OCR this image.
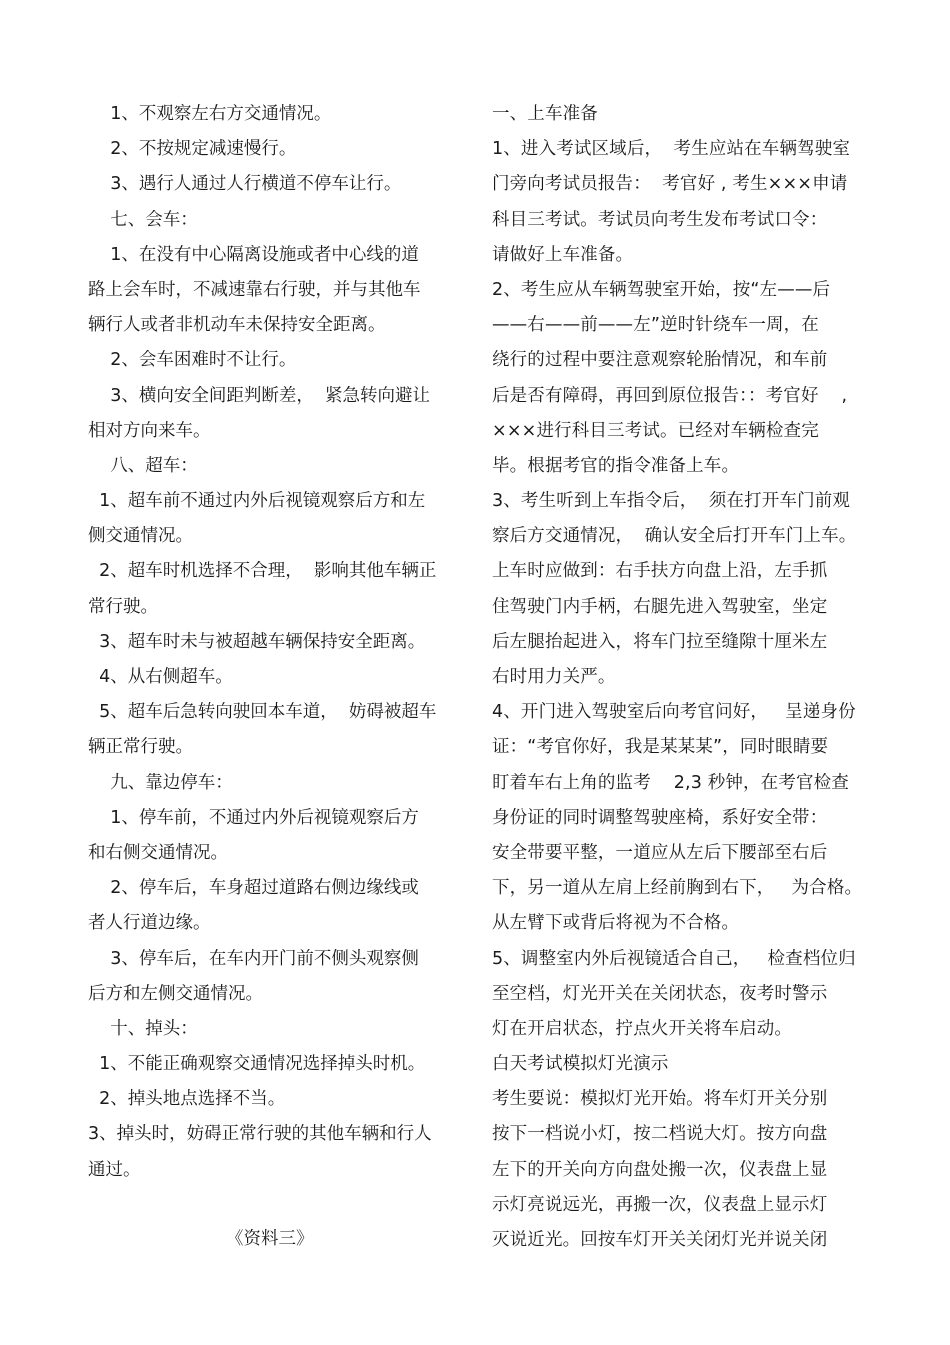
1、不观察左右方交通情况。
2、不按规定减速慢行。
3、遇行人通过人行横道不停车让行。
七、会车：
1、在没有中心隔离设施或者中心线的道
路上会车时，不减速靠右行驶，并与其他车
辆行人或者非机动车未保持安全距离。
2、会车困难时不让行。
3、横向安全间距判断差，  紧急转向避让
相对方向来车。
八、超车：
1、超车前不通过内外后视镜观察后方和左
侧交通情况。
2、超车时机选择不合理，  影响其他车辆正
常行驶。
3、超车时未与被超越车辆保持安全距离。
4、从右侧超车。
5、超车后急转向驶回本车道，  妨碍被超车
辆正常行驶。
九、靠边停车：
1、停车前，不通过内外后视镜观察后方
和右侧交通情况。
2、停车后，车身超过道路右侧边缘线或
者人行道边缘。
3、停车后，在车内开门前不侧头观察侧
后方和左侧交通情况。
十、掉头：
1、不能正确观察交通情况选择掉头时机。
2、掉头地点选择不当。
3、掉头时，妨碍正常行驶的其他车辆和行人
通过。
一、上车准备
1、进入考试区域后，  考生应站在车辆驾驶室
门旁向考试员报告：  考官好 , 考生×××申请
科目三考试。考试员向考生发布考试口令：
请做好上车准备。
2、考生应从车辆驾驶室开始，按“左——后
——右——前——左”逆时针绕车一周，在
绕行的过程中要注意观察轮胎情况，和车前
后是否有障碍，再回到原位报告：：考官好    ,
×××进行科目三考试。已经对车辆检查完
毕。根据考官的指令准备上车。
3、考生听到上车指令后，  须在打开车门前观
察后方交通情况，  确认安全后打开车门上车。
上车时应做到：右手扶方向盘上沿，左手抓
住驾驶门内手柄，右腿先进入驾驶室，坐定
后左腿抬起进入，将车门拉至缝隙十厘米左
右时用力关严。
4、开门进入驾驶室后向考官问好，   呈递身份
证：“考官你好，我是某某某”，同时眼睛要
盯着车右上角的监考    2,3 秒钟，在考官检查
身份证的同时调整驾驶座椅，系好安全带：
安全带要平整，一道应从左后下腰部至右后
下，另一道从左肩上经前胸到右下，   为合格。
从左臂下或背后将视为不合格。
5、调整室内外后视镜适合自己，   检查档位归
至空档，灯光开关在关闭状态，夜考时警示
灯在开启状态，拧点火开关将车启动。
白天考试模拟灯光演示
考生要说：模拟灯光开始。将车灯开关分别
按下一档说小灯，按二档说大灯。按方向盘
左下的开关向方向盘处搬一次，仪表盘上显
示灯亮说远光，再搬一次，仪表盘上显示灯
灭说近光。回按车灯开关关闭灯光并说关闭
《资料三》
